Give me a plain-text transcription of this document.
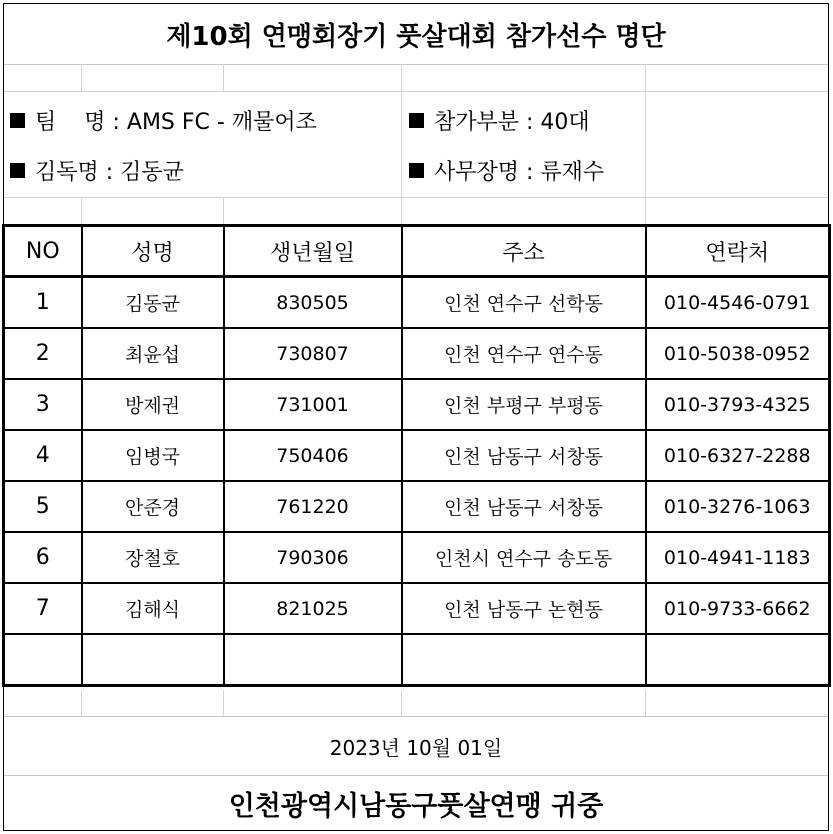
제10회 연맹회장기 풋살대회 참가선수 명단
팀    명 : AMS FC - 깨물어조	참가부분 : 40대
김독명 : 김동균	사무장명 : 류재수
NO	성명	생년월일	주소	연락처
1	김동균	830505	인천 연수구 선학동	010-4546-0791
2	최윤섭	730807	인천 연수구 연수동	010-5038-0952
3	방제권	731001	인천 부평구 부평동	010-3793-4325
4	임병국	750406	인천 남동구 서창동	010-6327-2288
5	안준경	761220	인천 남동구 서창동	010-3276-1063
6	장철호	790306	인천시 연수구 송도동	010-4941-1183
7	김해식	821025	인천 남동구 논현동	010-9733-6662

2023년 10월 01일
인천광역시남동구풋살연맹 귀중
